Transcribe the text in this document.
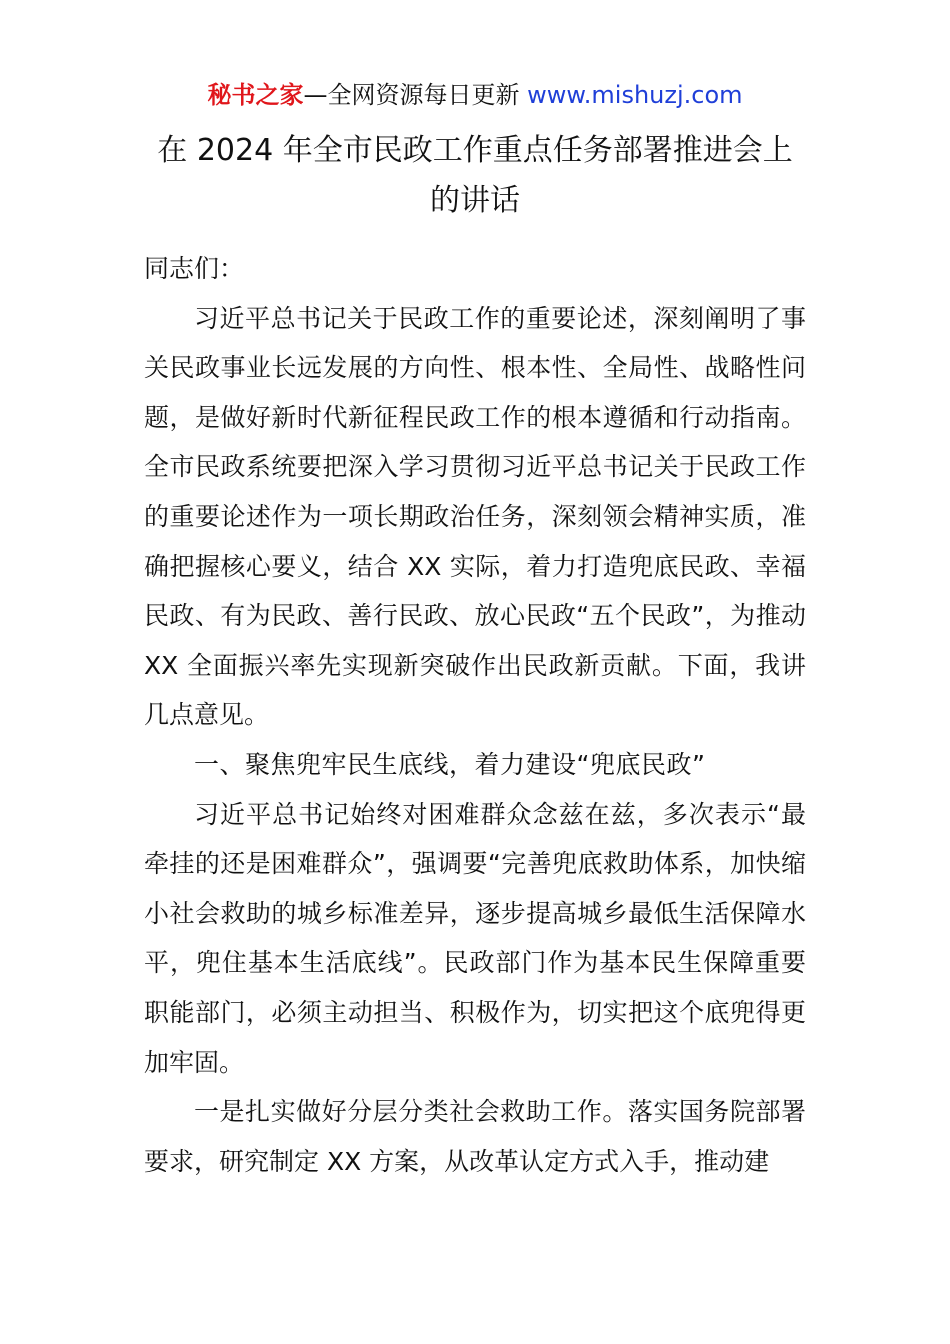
秘书之家—全网资源每日更新 www.mishuzj.com
在 2024 年全市民政工作重点任务部署推进会上
的讲话

同志们：

习近平总书记关于民政工作的重要论述，深刻阐明了事关民政事业长远发展的方向性、根本性、全局性、战略性问题，是做好新时代新征程民政工作的根本遵循和行动指南。全市民政系统要把深入学习贯彻习近平总书记关于民政工作的重要论述作为一项长期政治任务，深刻领会精神实质，准确把握核心要义，结合 XX 实际，着力打造兜底民政、幸福民政、有为民政、善行民政、放心民政“五个民政”，为推动 XX 全面振兴率先实现新突破作出民政新贡献。下面，我讲几点意见。

一、聚焦兜牢民生底线，着力建设“兜底民政”

习近平总书记始终对困难群众念兹在兹，多次表示“最牵挂的还是困难群众”，强调要“完善兜底救助体系，加快缩小社会救助的城乡标准差异，逐步提高城乡最低生活保障水平，兜住基本生活底线”。民政部门作为基本民生保障重要职能部门，必须主动担当、积极作为，切实把这个底兜得更加牢固。

一是扎实做好分层分类社会救助工作。落实国务院部署要求，研究制定 XX 方案，从改革认定方式入手，推动建
